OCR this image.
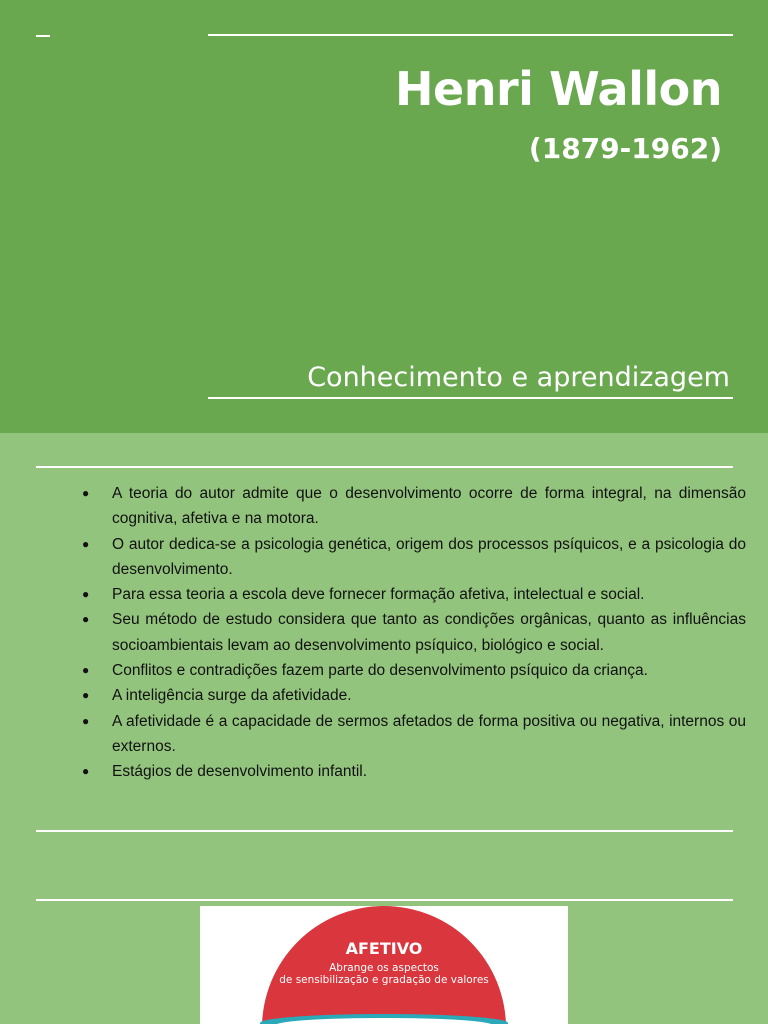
Henri Wallon
(1879-1962)
Conhecimento e aprendizagem
● A teoria do autor admite que o desenvolvimento ocorre de forma integral, na dimensão cognitiva, afetiva e na motora.
● O autor dedica-se a psicologia genética, origem dos processos psíquicos, e a psicologia do desenvolvimento.
● Para essa teoria a escola deve fornecer formação afetiva, intelectual e social.
● Seu método de estudo considera que tanto as condições orgânicas, quanto as influências socioambientais levam ao desenvolvimento psíquico, biológico e social.
● Conflitos e contradições fazem parte do desenvolvimento psíquico da criança.
● A inteligência surge da afetividade.
● A afetividade é a capacidade de sermos afetados de forma positiva ou negativa, internos ou externos.
● Estágios de desenvolvimento infantil.
AFETIVO
Abrange os aspectos
de sensibilização e gradação de valores
